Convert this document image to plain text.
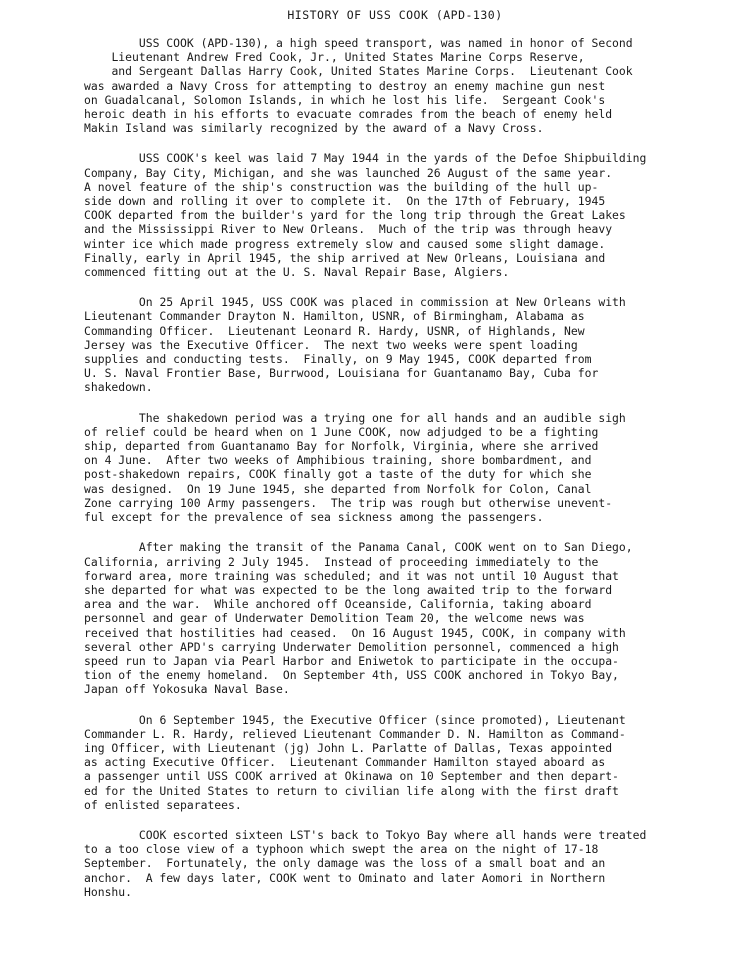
HISTORY OF USS COOK (APD-130)
USS COOK (APD-130), a high speed transport, was named in honor of Second
Lieutenant Andrew Fred Cook, Jr., United States Marine Corps Reserve,
and Sergeant Dallas Harry Cook, United States Marine Corps.  Lieutenant Cook
was awarded a Navy Cross for attempting to destroy an enemy machine gun nest
on Guadalcanal, Solomon Islands, in which he lost his life.  Sergeant Cook's
heroic death in his efforts to evacuate comrades from the beach of enemy held
Makin Island was similarly recognized by the award of a Navy Cross.
USS COOK's keel was laid 7 May 1944 in the yards of the Defoe Shipbuilding
Company, Bay City, Michigan, and she was launched 26 August of the same year.
A novel feature of the ship's construction was the building of the hull up-
side down and rolling it over to complete it.  On the 17th of February, 1945
COOK departed from the builder's yard for the long trip through the Great Lakes
and the Mississippi River to New Orleans.  Much of the trip was through heavy
winter ice which made progress extremely slow and caused some slight damage.
Finally, early in April 1945, the ship arrived at New Orleans, Louisiana and
commenced fitting out at the U. S. Naval Repair Base, Algiers.
On 25 April 1945, USS COOK was placed in commission at New Orleans with
Lieutenant Commander Drayton N. Hamilton, USNR, of Birmingham, Alabama as
Commanding Officer.  Lieutenant Leonard R. Hardy, USNR, of Highlands, New
Jersey was the Executive Officer.  The next two weeks were spent loading
supplies and conducting tests.  Finally, on 9 May 1945, COOK departed from
U. S. Naval Frontier Base, Burrwood, Louisiana for Guantanamo Bay, Cuba for
shakedown.
The shakedown period was a trying one for all hands and an audible sigh
of relief could be heard when on 1 June COOK, now adjudged to be a fighting
ship, departed from Guantanamo Bay for Norfolk, Virginia, where she arrived
on 4 June.  After two weeks of Amphibious training, shore bombardment, and
post-shakedown repairs, COOK finally got a taste of the duty for which she
was designed.  On 19 June 1945, she departed from Norfolk for Colon, Canal
Zone carrying 100 Army passengers.  The trip was rough but otherwise unevent-
ful except for the prevalence of sea sickness among the passengers.
After making the transit of the Panama Canal, COOK went on to San Diego,
California, arriving 2 July 1945.  Instead of proceeding immediately to the
forward area, more training was scheduled; and it was not until 10 August that
she departed for what was expected to be the long awaited trip to the forward
area and the war.  While anchored off Oceanside, California, taking aboard
personnel and gear of Underwater Demolition Team 20, the welcome news was
received that hostilities had ceased.  On 16 August 1945, COOK, in company with
several other APD's carrying Underwater Demolition personnel, commenced a high
speed run to Japan via Pearl Harbor and Eniwetok to participate in the occupa-
tion of the enemy homeland.  On September 4th, USS COOK anchored in Tokyo Bay,
Japan off Yokosuka Naval Base.
On 6 September 1945, the Executive Officer (since promoted), Lieutenant
Commander L. R. Hardy, relieved Lieutenant Commander D. N. Hamilton as Command-
ing Officer, with Lieutenant (jg) John L. Parlatte of Dallas, Texas appointed
as acting Executive Officer.  Lieutenant Commander Hamilton stayed aboard as
a passenger until USS COOK arrived at Okinawa on 10 September and then depart-
ed for the United States to return to civilian life along with the first draft
of enlisted separatees.
COOK escorted sixteen LST's back to Tokyo Bay where all hands were treated
to a too close view of a typhoon which swept the area on the night of 17-18
September.  Fortunately, the only damage was the loss of a small boat and an
anchor.  A few days later, COOK went to Ominato and later Aomori in Northern
Honshu.
